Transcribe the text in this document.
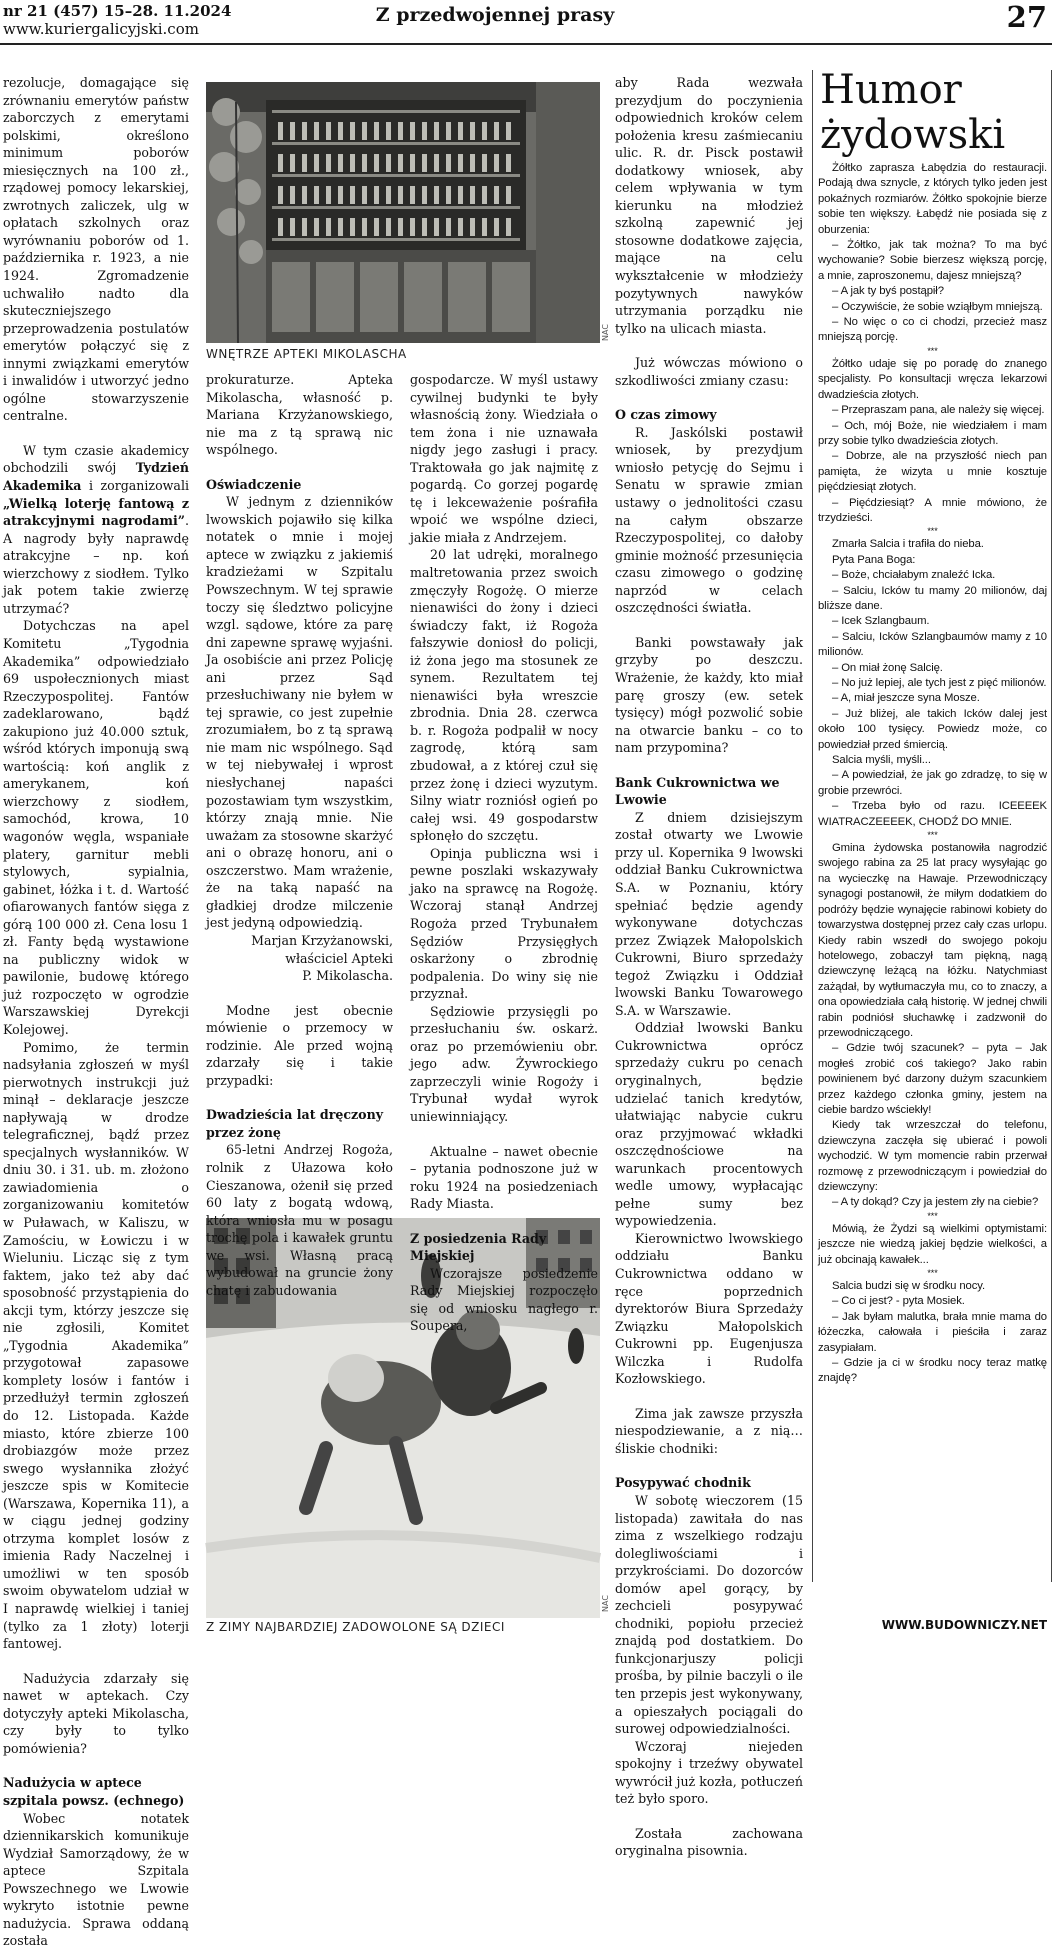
nr 21 (457) 15–28. 11.2024
www.kuriergalicyjski.com
Z przedwojennej prasy	27
NAC
WNĘTRZE APTEKI MIKOLASCHA
NAC
Z ZIMY NAJBARDZIEJ ZADOWOLONE SĄ DZIECI

rezolucje, domagające się zrównaniu emerytów państw zaborczych z emerytami polskimi, określono minimum poborów miesięcznych na 100 zł., rządowej pomocy lekarskiej, zwrotnych zaliczek, ulg w opłatach szkolnych oraz wyrównaniu poborów od 1. października r. 1923, a nie 1924. Zgromadzenie uchwaliło nadto dla skuteczniejszego przeprowadzenia postulatów emerytów połączyć się z innymi związkami emerytów i inwalidów i utworzyć jedno ogólne stowarzyszenie centralne.

W tym czasie akademicy obchodzili swój Tydzień Akademika i zorganizowali „Wielką loterję fantową z atrakcyjnymi nagrodami”. A nagrody były naprawdę atrakcyjne – np. koń wierzchowy z siodłem. Tylko jak potem takie zwierzę utrzymać?

Dotychczas na apel Komitetu „Tygodnia Akademika” odpowiedziało 69 uspołecznionych miast Rzeczypospolitej. Fantów zadeklarowano, bądź zakupiono już 40.000 sztuk, wśród których imponują swą wartością: koń anglik z amerykanem, koń wierzchowy z siodłem, samochód, krowa, 10 wagonów węgla, wspaniałe platery, garnitur mebli stylowych, sypialnia, gabinet, łóżka i t. d. Wartość ofiarowanych fantów sięga z górą 100 000 zł. Cena losu 1 zł. Fanty będą wystawione na publiczny widok w pawilonie, budowę którego już rozpoczęto w ogrodzie Warszawskiej Dyrekcji Kolejowej.

Pomimo, że termin nadsyłania zgłoszeń w myśl pierwotnych instrukcji już minął – deklaracje jeszcze napływają w drodze telegraficznej, bądź przez specjalnych wysłanników. W dniu 30. i 31. ub. m. złożono zawiadomienia o zorganizowaniu komitetów w Puławach, w Kaliszu, w Zamościu, w Łowiczu i w Wieluniu. Licząc się z tym faktem, jako też aby dać sposobność przystąpienia do akcji tym, którzy jeszcze się nie zgłosili, Komitet „Tygodnia Akademika” przygotował zapasowe komplety losów i fantów i przedłużył termin zgłoszeń do 12. Listopada. Każde miasto, które zbierze 100 drobiazgów może przez swego wysłannika złożyć jeszcze spis w Komitecie (Warszawa, Kopernika 11), a w ciągu jednej godziny otrzyma komplet losów z imienia Rady Naczelnej i umożliwi w ten sposób swoim obywatelom udział w I naprawdę wielkiej i taniej (tylko za 1 złoty) loterji fantowej.

Nadużycia zdarzały się nawet w aptekach. Czy dotyczyły apteki Mikolascha, czy były to tylko pomówienia?

Nadużycia w aptece szpitala powsz. (echnego)

Wobec notatek dziennikarskich komunikuje Wydział Samorządowy, że w aptece Szpitala Powszechnego we Lwowie wykryto istotnie pewne nadużycia. Sprawa oddaną została

prokuraturze. Apteka Mikolascha, własność p. Mariana Krzyżanowskiego, nie ma z tą sprawą nic wspólnego.

Oświadczenie

W jednym z dzienników lwowskich pojawiło się kilka notatek o mnie i mojej aptece w związku z jakiemiś kradzieżami w Szpitalu Powszechnym. W tej sprawie toczy się śledztwo policyjne wzgl. sądowe, które za parę dni zapewne sprawę wyjaśni. Ja osobiście ani przez Policję ani przez Sąd przesłuchiwany nie byłem w tej sprawie, co jest zupełnie zrozumiałem, bo z tą sprawą nie mam nic wspólnego. Sąd w tej niebywałej i wprost niesłychanej napaści pozostawiam tym wszystkim, którzy znają mnie. Nie uważam za stosowne skarżyć ani o obrazę honoru, ani o oszczerstwo. Mam wrażenie, że na taką napaść na gładkiej drodze milczenie jest jedyną odpowiedzią.

Marjan Krzyżanowski,

właściciel Apteki

P. Mikolascha.

Modne jest obecnie mówienie o przemocy w rodzinie. Ale przed wojną zdarzały się i takie przypadki:

Dwadzieścia lat dręczony przez żonę

65-letni Andrzej Rogoża, rolnik z Ułazowa koło Cieszanowa, ożenił się przed 60 laty z bogatą wdową, która wniosła mu w posagu trochę pola i kawałek gruntu we wsi. Własną pracą wybudował na gruncie żony chatę i zabudowania

gospodarcze. W myśl ustawy cywilnej budynki te były własnością żony. Wiedziała o tem żona i nie uznawała nigdy jego zasługi i pracy. Traktowała go jak najmitę z pogardą. Co gorzej pogardę tę i lekceważenie pośrafiła wpoić we wspólne dzieci, jakie miała z Andrzejem.

20 lat udręki, moralnego maltretowania przez swoich zmęczyły Rogożę. O mierze nienawiści do żony i dzieci świadczy fakt, iż Rogoża fałszywie doniosł do policji, iż żona jego ma stosunek ze synem. Rezultatem tej nienawiści była wreszcie zbrodnia. Dnia 28. czerwca b. r. Rogoża podpalił w nocy zagrodę, którą sam zbudował, a z której czuł się przez żonę i dzieci wyzutym. Silny wiatr rozniósł ogień po całej wsi. 49 gospodarstw spłonęło do szczętu.

Opinja publiczna wsi i pewne poszlaki wskazywały jako na sprawcę na Rogożę. Wczoraj stanął Andrzej Rogoża przed Trybunałem Sędziów Przysięgłych oskarżony o zbrodnię podpalenia. Do winy się nie przyznał.

Sędziowie przysięgli po przesłuchaniu św. oskarż. oraz po przemówieniu obr. jego adw. Żywrockiego zaprzeczyli winie Rogoży i Trybunał wydał wyrok uniewinniający.

Aktualne – nawet obecnie – pytania podnoszone już w roku 1924 na posiedzeniach Rady Miasta.

Z posiedzenia Rady Miejskiej

Wczorajsze posiedzenie Rady Miejskiej rozpoczęło się od wniosku nagłego r. Soupera,

aby Rada wezwała prezydjum do poczynienia odpowiednich kroków celem położenia kresu zaśmiecaniu ulic. R. dr. Pisck postawił dodatkowy wniosek, aby celem wpływania w tym kierunku na młodzież szkolną zapewnić jej stosowne dodatkowe zajęcia, mające na celu wykształcenie w młodzieży pozytywnych nawyków utrzymania porządku nie tylko na ulicach miasta.

Już wówczas mówiono o szkodliwości zmiany czasu:

O czas zimowy

R. Jaskólski postawił wniosek, by prezydjum wniosło petycję do Sejmu i Senatu w sprawie zmian ustawy o jednolitości czasu na całym obszarze Rzeczypospolitej, co dałoby gminie możność przesunięcia czasu zimowego o godzinę naprzód w celach oszczędności światła.

Banki powstawały jak grzyby po deszczu. Wrażenie, że każdy, kto miał parę groszy (ew. setek tysięcy) mógł pozwolić sobie na otwarcie banku – co to nam przypomina?

Bank Cukrownictwa we Lwowie

Z dniem dzisiejszym został otwarty we Lwowie przy ul. Kopernika 9 lwowski oddział Banku Cukrownictwa S.A. w Poznaniu, który spełniać będzie agendy wykonywane dotychczas przez Związek Małopolskich Cukrowni, Biuro sprzedaży tegoż Związku i Oddział lwowski Banku Towarowego S.A. w Warszawie.

Oddział lwowski Banku Cukrownictwa oprócz sprzedaży cukru po cenach oryginalnych, będzie udzielać tanich kredytów, ułatwiając nabycie cukru oraz przyjmować wkładki oszczędnościowe na warunkach procentowych wedle umowy, wypłacając pełne sumy bez wypowiedzenia.

Kierownictwo lwowskiego oddziału Banku Cukrownictwa oddano w ręce poprzednich dyrektorów Biura Sprzedaży Związku Małopolskich Cukrowni pp. Eugenjusza Wilczka i Rudolfa Kozłowskiego.

Zima jak zawsze przyszła niespodziewanie, a z nią… śliskie chodniki:

Posypywać chodnik

W sobotę wieczorem (15 listopada) zawitała do nas zima z wszelkiego rodzaju dolegliwościami i przykrościami. Do dozorców domów apel gorący, by zechcieli posypywać chodniki, popiołu przecież znajdą pod dostatkiem. Do funkcjonarjuszy policji prośba, by pilnie baczyli o ile ten przepis jest wykonywany, a opieszałych pociągali do surowej odpowiedzialności.

Wczoraj niejeden spokojny i trzeźwy obywatel wywrócił już kozła, potłuczeń też było sporo.

Została zachowana oryginalna pisownia.

Humor
żydowski

Żółtko zaprasza Łabędzia do restauracji. Podają dwa sznycle, z których tylko jeden jest pokaźnych rozmiarów. Żółtko spokojnie bierze sobie ten większy. Łabędź nie posiada się z oburzenia:

– Żółtko, jak tak można? To ma być wychowanie? Sobie bierzesz większą porcję, a mnie, zaproszonemu, dajesz mniejszą?

– A jak ty byś postąpił?

– Oczywiście, że sobie wziąłbym mniejszą.

– No więc o co ci chodzi, przecież masz mniejszą porcję.

***

Żółtko udaje się po poradę do znanego specjalisty. Po konsultacji wręcza lekarzowi dwadzieścia złotych.

– Przepraszam pana, ale należy się więcej.

– Och, mój Boże, nie wiedziałem i mam przy sobie tylko dwadzieścia złotych.

– Dobrze, ale na przyszłość niech pan pamięta, że wizyta u mnie kosztuje pięćdziesiąt złotych.

– Pięćdziesiąt? A mnie mówiono, że trzydzieści.

***

Zmarła Salcia i trafiła do nieba.

Pyta Pana Boga:

– Boże, chciałabym znaleźć Icka.

– Salciu, Icków tu mamy 20 milionów, daj bliższe dane.

– Icek Szlangbaum.

– Salciu, Icków Szlangbaumów mamy z 10 milionów.

– On miał żonę Salcię.

– No już lepiej, ale tych jest z pięć milionów.

– A, miał jeszcze syna Mosze.

– Już bliżej, ale takich Icków dalej jest około 100 tysięcy. Powiedz może, co powiedział przed śmiercią.

Salcia myśli, myśli...

– A powiedział, że jak go zdradzę, to się w grobie przewróci.

– Trzeba było od razu. ICEEEEK WIATRACZEEEEK, CHODŹ DO MNIE.

***

Gmina żydowska postanowiła nagrodzić swojego rabina za 25 lat pracy wysyłając go na wycieczkę na Hawaje. Przewodniczący synagogi postanowił, że miłym dodatkiem do podróży będzie wynajęcie rabinowi kobiety do towarzystwa dostępnej przez cały czas urlopu. Kiedy rabin wszedł do swojego pokoju hotelowego, zobaczył tam piękną, nagą dziewczynę leżącą na łóżku. Natychmiast zażądał, by wytłumaczyła mu, co to znaczy, a ona opowiedziała całą historię. W jednej chwili rabin podniósł słuchawkę i zadzwonił do przewodniczącego.

– Gdzie twój szacunek? – pyta – Jak mogłeś zrobić coś takiego? Jako rabin powinienem być darzony dużym szacunkiem przez każdego członka gminy, jestem na ciebie bardzo wściekły!

Kiedy tak wrzeszczał do telefonu, dziewczyna zaczęła się ubierać i powoli wychodzić. W tym momencie rabin przerwał rozmowę z przewodniczącym i powiedział do dziewczyny:

– A ty dokąd? Czy ja jestem zły na ciebie?

***

Mówią, że Żydzi są wielkimi optymistami: jeszcze nie wiedzą jakiej będzie wielkości, a już obcinają kawałek...

***

Salcia budzi się w środku nocy.

– Co ci jest? - pyta Mosiek.

– Jak byłam malutka, brała mnie mama do łóżeczka, całowała i pieściła i zaraz zasypiałam.

– Gdzie ja ci w środku nocy teraz matkę znajdę?

WWW.BUDOWNICZY.NET
